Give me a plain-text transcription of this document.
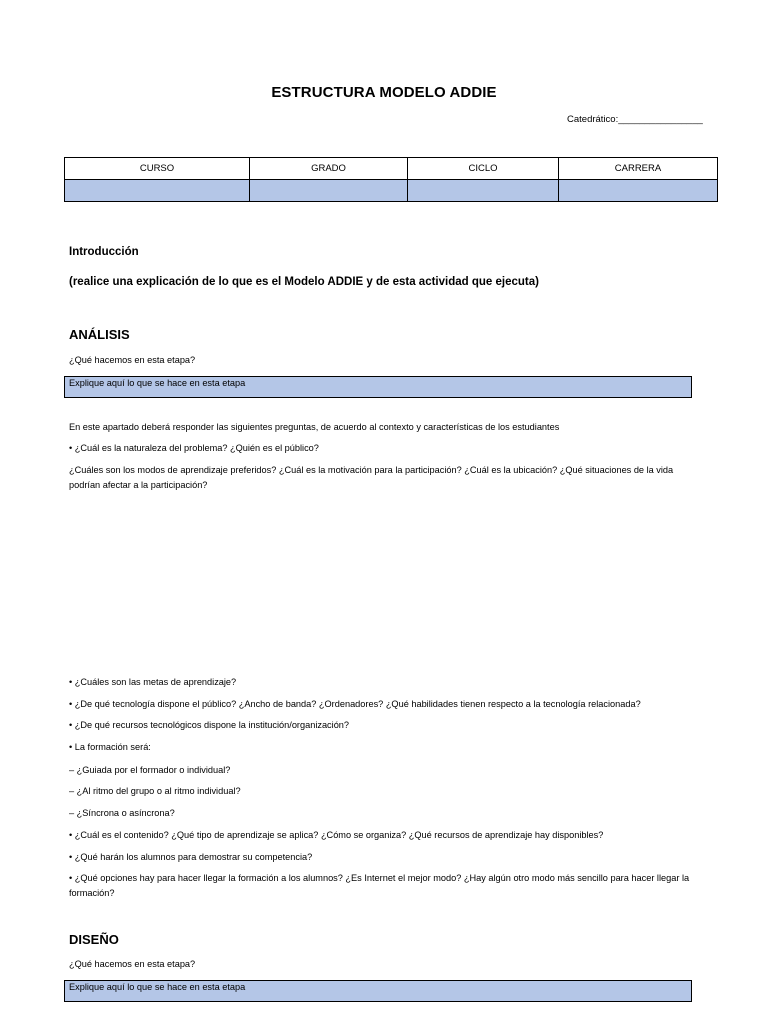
ESTRUCTURA MODELO ADDIE
Catedrático:________________
CURSO	GRADO	CICLO	CARRERA

Introducción
(realice una explicación de lo que es el Modelo ADDIE y de esta actividad que ejecuta)
ANÁLISIS
¿Qué hacemos en esta etapa?
Explique aquí lo que se hace en esta etapa
En este apartado deberá responder las siguientes preguntas, de acuerdo al contexto y características de los estudiantes
• ¿Cuál es la naturaleza del problema? ¿Quién es el público?
¿Cuáles son los modos de aprendizaje preferidos? ¿Cuál es la motivación para la participación? ¿Cuál es la ubicación? ¿Qué situaciones de la vida podrían afectar a la participación?
• ¿Cuáles son las metas de aprendizaje?
• ¿De qué tecnología dispone el público? ¿Ancho de banda? ¿Ordenadores? ¿Qué habilidades tienen respecto a la tecnología relacionada?
• ¿De qué recursos tecnológicos dispone la institución/organización?
• La formación será:
– ¿Guiada por el formador o individual?
– ¿Al ritmo del grupo o al ritmo individual?
– ¿Síncrona o asíncrona?
• ¿Cuál es el contenido? ¿Qué tipo de aprendizaje se aplica? ¿Cómo se organiza? ¿Qué recursos de aprendizaje hay disponibles?
• ¿Qué harán los alumnos para demostrar su competencia?
• ¿Qué opciones hay para hacer llegar la formación a los alumnos? ¿Es Internet el mejor modo? ¿Hay algún otro modo más sencillo para hacer llegar la formación?
DISEÑO
¿Qué hacemos en esta etapa?
Explique aquí lo que se hace en esta etapa
